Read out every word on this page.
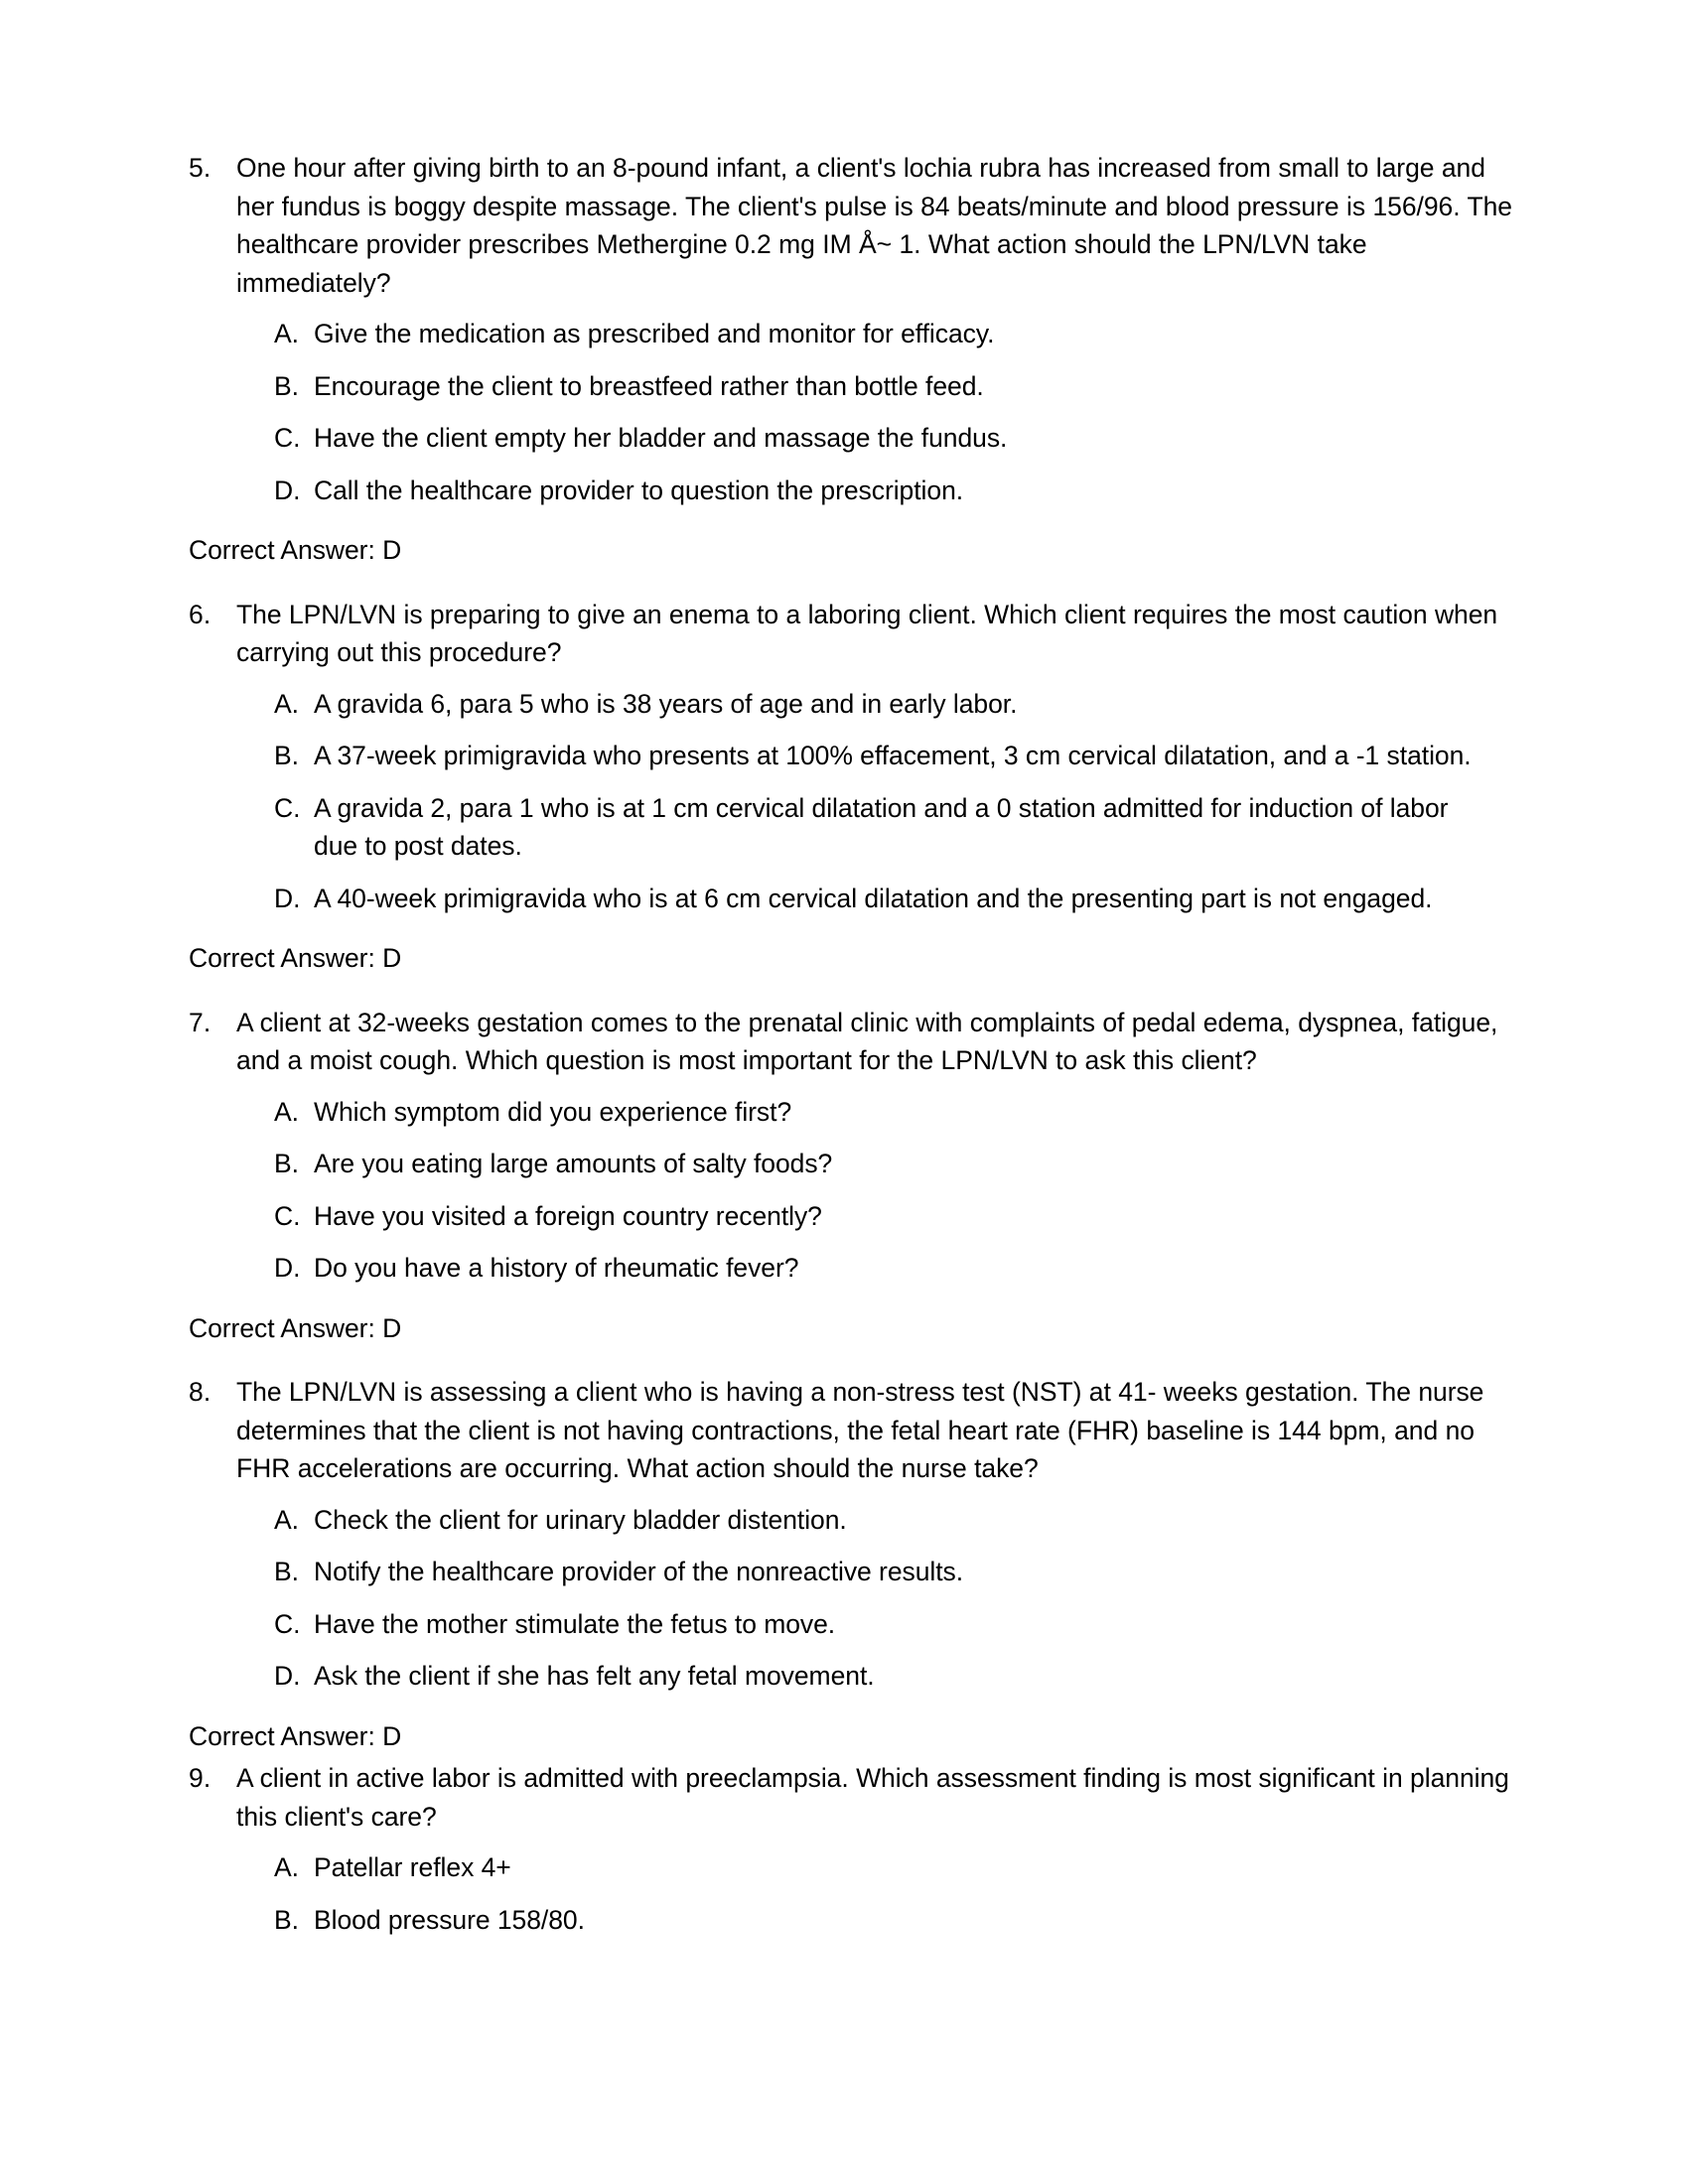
5. One hour after giving birth to an 8-pound infant, a client's lochia rubra has increased from small to large and her fundus is boggy despite massage. The client's pulse is 84 beats/minute and blood pressure is 156/96. The healthcare provider prescribes Methergine 0.2 mg IM Å~ 1. What action should the LPN/LVN take immediately?
A. Give the medication as prescribed and monitor for efficacy.
B. Encourage the client to breastfeed rather than bottle feed.
C. Have the client empty her bladder and massage the fundus.
D. Call the healthcare provider to question the prescription.
Correct Answer: D
6. The LPN/LVN is preparing to give an enema to a laboring client. Which client requires the most caution when carrying out this procedure?
A. A gravida 6, para 5 who is 38 years of age and in early labor.
B. A 37-week primigravida who presents at 100% effacement, 3 cm cervical dilatation, and a -1 station.
C. A gravida 2, para 1 who is at 1 cm cervical dilatation and a 0 station admitted for induction of labor due to post dates.
D. A 40-week primigravida who is at 6 cm cervical dilatation and the presenting part is not engaged.
Correct Answer: D
7. A client at 32-weeks gestation comes to the prenatal clinic with complaints of pedal edema, dyspnea, fatigue, and a moist cough. Which question is most important for the LPN/LVN to ask this client?
A. Which symptom did you experience first?
B. Are you eating large amounts of salty foods?
C. Have you visited a foreign country recently?
D. Do you have a history of rheumatic fever?
Correct Answer: D
8. The LPN/LVN is assessing a client who is having a non-stress test (NST) at 41- weeks gestation. The nurse determines that the client is not having contractions, the fetal heart rate (FHR) baseline is 144 bpm, and no FHR accelerations are occurring. What action should the nurse take?
A. Check the client for urinary bladder distention.
B. Notify the healthcare provider of the nonreactive results.
C. Have the mother stimulate the fetus to move.
D. Ask the client if she has felt any fetal movement.
Correct Answer: D
9. A client in active labor is admitted with preeclampsia. Which assessment finding is most significant in planning this client's care?
A. Patellar reflex 4+
B. Blood pressure 158/80.
